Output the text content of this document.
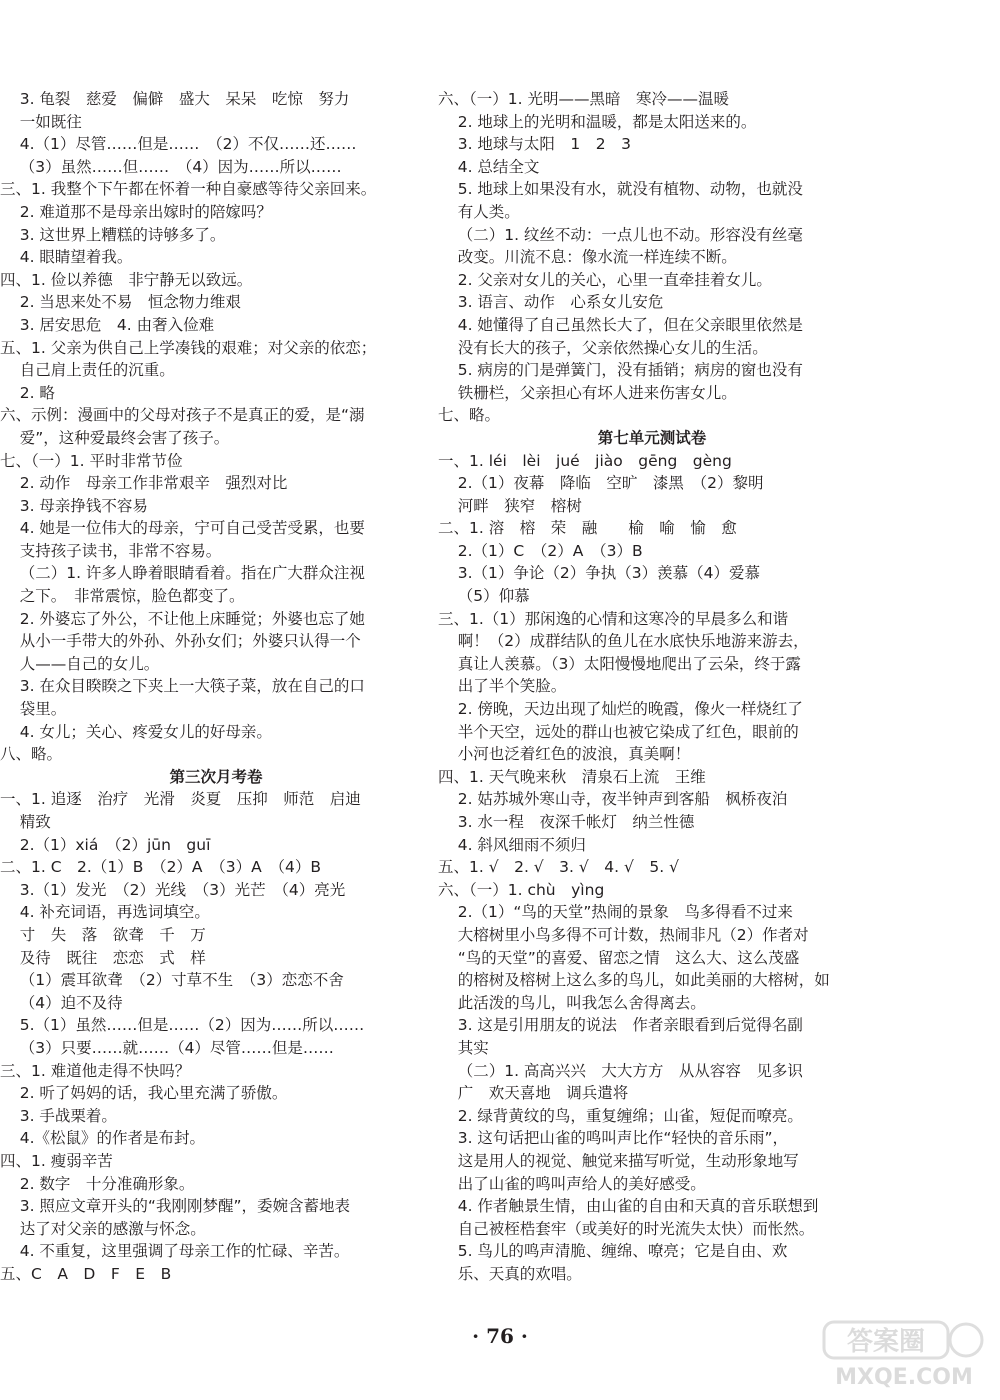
3. 龟裂　慈爱　偏僻　盛大　呆呆　吃惊　努力
一如既往
4.（1）尽管……但是……　（2）不仅……还……
（3）虽然……但……　（4）因为……所以……
三、1. 我整个下午都在怀着一种自豪感等待父亲回来。
2. 难道那不是母亲出嫁时的陪嫁吗？
3. 这世界上糟糕的诗够多了。
4. 眼睛望着我。
四、1. 俭以养德　非宁静无以致远。
2. 当思来处不易　恒念物力维艰
3. 居安思危　4. 由奢入俭难
五、1. 父亲为供自己上学凑钱的艰难；对父亲的依恋；
自己肩上责任的沉重。
2. 略
六、示例：漫画中的父母对孩子不是真正的爱，是“溺
爱”，这种爱最终会害了孩子。
七、（一）1. 平时非常节俭
2. 动作　母亲工作非常艰辛　强烈对比
3. 母亲挣钱不容易
4. 她是一位伟大的母亲，宁可自己受苦受累，也要
支持孩子读书，非常不容易。
（二）1. 许多人睁着眼睛看着。指在广大群众注视
之下。　非常震惊，脸色都变了。
2. 外婆忘了外公，不让他上床睡觉；外婆也忘了她
从小一手带大的外孙、外孙女们；外婆只认得一个
人——自己的女儿。
3. 在众目睽睽之下夹上一大筷子菜，放在自己的口
袋里。
4. 女儿；关心、疼爱女儿的好母亲。
八、略。
第三次月考卷
一、1. 追逐　治疗　光滑　炎夏　压抑　师范　启迪
精致
2.（1）xiá　（2）jūn　guī
二、1. C　2.（1）B　（2）A　（3）A　（4）B
3.（1）发光　（2）光线　（3）光芒　（4）亮光
4. 补充词语，再选词填空。
寸　失　落　欲聋　千　万
及待　既往　恋恋　式　样
（1）震耳欲聋　（2）寸草不生　（3）恋恋不舍
（4）迫不及待
5.（1）虽然……但是……（2）因为……所以……
（3）只要……就……（4）尽管……但是……
三、1. 难道他走得不快吗？
2. 听了妈妈的话，我心里充满了骄傲。
3. 手战栗着。
4.《松鼠》的作者是布封。
四、1. 瘦弱辛苦
2. 数字　十分准确形象。
3. 照应文章开头的“我刚刚梦醒”，委婉含蓄地表
达了对父亲的感激与怀念。
4. 不重复，这里强调了母亲工作的忙碌、辛苦。
五、C　A　D　F　E　B
六、（一）1. 光明——黑暗　寒冷——温暖
2. 地球上的光明和温暖，都是太阳送来的。
3. 地球与太阳　1　2　3
4. 总结全文
5. 地球上如果没有水，就没有植物、动物，也就没
有人类。
（二）1. 纹丝不动：一点儿也不动。形容没有丝毫
改变。川流不息：像水流一样连续不断。
2. 父亲对女儿的关心，心里一直牵挂着女儿。
3. 语言、动作　心系女儿安危
4. 她懂得了自己虽然长大了，但在父亲眼里依然是
没有长大的孩子，父亲依然操心女儿的生活。
5. 病房的门是弹簧门，没有插销；病房的窗也没有
铁栅栏，父亲担心有坏人进来伤害女儿。
七、略。
第七单元测试卷
一、1. léi　lèi　jué　jiào　gēng　gèng
2.（1）夜幕　降临　空旷　漆黑　（2）黎明
河畔　狭窄　榕树
二、1. 溶　榕　荣　融　　榆　喻　愉　愈
2.（1）C　（2）A　（3）B
3.（1）争论（2）争执（3）羡慕（4）爱慕
（5）仰慕
三、1.（1）那闲逸的心情和这寒冷的早晨多么和谐
啊！（2）成群结队的鱼儿在水底快乐地游来游去，
真让人羡慕。（3）太阳慢慢地爬出了云朵，终于露
出了半个笑脸。
2. 傍晚，天边出现了灿烂的晚霞，像火一样烧红了
半个天空，远处的群山也被它染成了红色，眼前的
小河也泛着红色的波浪，真美啊！
四、1. 天气晚来秋　清泉石上流　王维
2. 姑苏城外寒山寺，夜半钟声到客船　枫桥夜泊
3. 水一程　夜深千帐灯　纳兰性德
4. 斜风细雨不须归
五、1. √　2. √　3. √　4. √　5. √
六、（一）1. chù　yìng
2.（1）“鸟的天堂”热闹的景象　鸟多得看不过来
大榕树里小鸟多得不可计数，热闹非凡（2）作者对
“鸟的天堂”的喜爱、留恋之情　这么大、这么茂盛
的榕树及榕树上这么多的鸟儿，如此美丽的大榕树，如
此活泼的鸟儿，叫我怎么舍得离去。
3. 这是引用朋友的说法　作者亲眼看到后觉得名副
其实
（二）1. 高高兴兴　大大方方　从从容容　见多识
广　欢天喜地　调兵遣将
2. 绿背黄纹的鸟，重复缠绵；山雀，短促而嘹亮。
3. 这句话把山雀的鸣叫声比作“轻快的音乐雨”，
这是用人的视觉、触觉来描写听觉，生动形象地写
出了山雀的鸣叫声给人的美好感受。
4. 作者触景生情，由山雀的自由和天真的音乐联想到
自己被桎梏套牢（或美好的时光流失太快）而怅然。
5. 鸟儿的鸣声清脆、缠绵、嘹亮；它是自由、欢
乐、天真的欢唱。
· 76 ·	答案圈
MXQE.COM
